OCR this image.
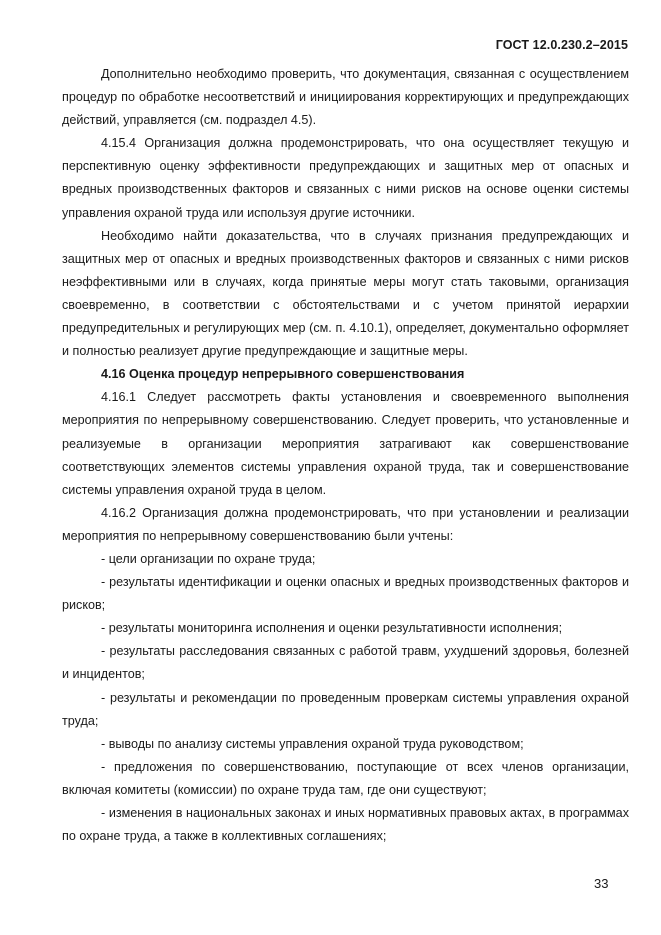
ГОСТ 12.0.230.2–2015

Дополнительно необходимо проверить, что документация, связанная с осуществлением процедур по обработке несоответствий и инициирования корректирующих и предупреждающих действий, управляется (см. подраздел 4.5).

4.15.4 Организация должна продемонстрировать, что она осуществляет текущую и перспективную оценку эффективности предупреждающих и защитных мер от опасных и вредных производственных факторов и связанных с ними рисков на основе оценки системы управления охраной труда или используя другие источники.

Необходимо найти доказательства, что в случаях признания предупреждающих и защитных мер от опасных и вредных производственных факторов и связанных с ними рисков неэффективными или в случаях, когда принятые меры могут стать таковыми, организация своевременно, в соответствии с обстоятельствами и с учетом принятой иерархии предупредительных и регулирующих мер (см. п. 4.10.1), определяет, документально оформляет и полностью реализует другие предупреждающие и защитные меры.

4.16 Оценка процедур непрерывного совершенствования

4.16.1 Следует рассмотреть факты установления и своевременного выполнения мероприятия по непрерывному совершенствованию. Следует проверить, что установленные и реализуемые в организации мероприятия затрагивают как совершенствование соответствующих элементов системы управления охраной труда, так и совершенствование системы управления охраной труда в целом.

4.16.2 Организация должна продемонстрировать, что при установлении и реализации мероприятия по непрерывному совершенствованию были учтены:

- цели организации по охране труда;

- результаты идентификации и оценки опасных и вредных производственных факторов и рисков;

- результаты мониторинга исполнения и оценки результативности исполнения;

- результаты расследования связанных с работой травм, ухудшений здоровья, болезней и инцидентов;

- результаты и рекомендации по проведенным проверкам системы управления охраной труда;

- выводы по анализу системы управления охраной труда руководством;

- предложения по совершенствованию, поступающие от всех членов организации, включая комитеты (комиссии) по охране труда там, где они существуют;

- изменения в национальных законах и иных нормативных правовых актах, в программах по охране труда, а также в коллективных соглашениях;

33
